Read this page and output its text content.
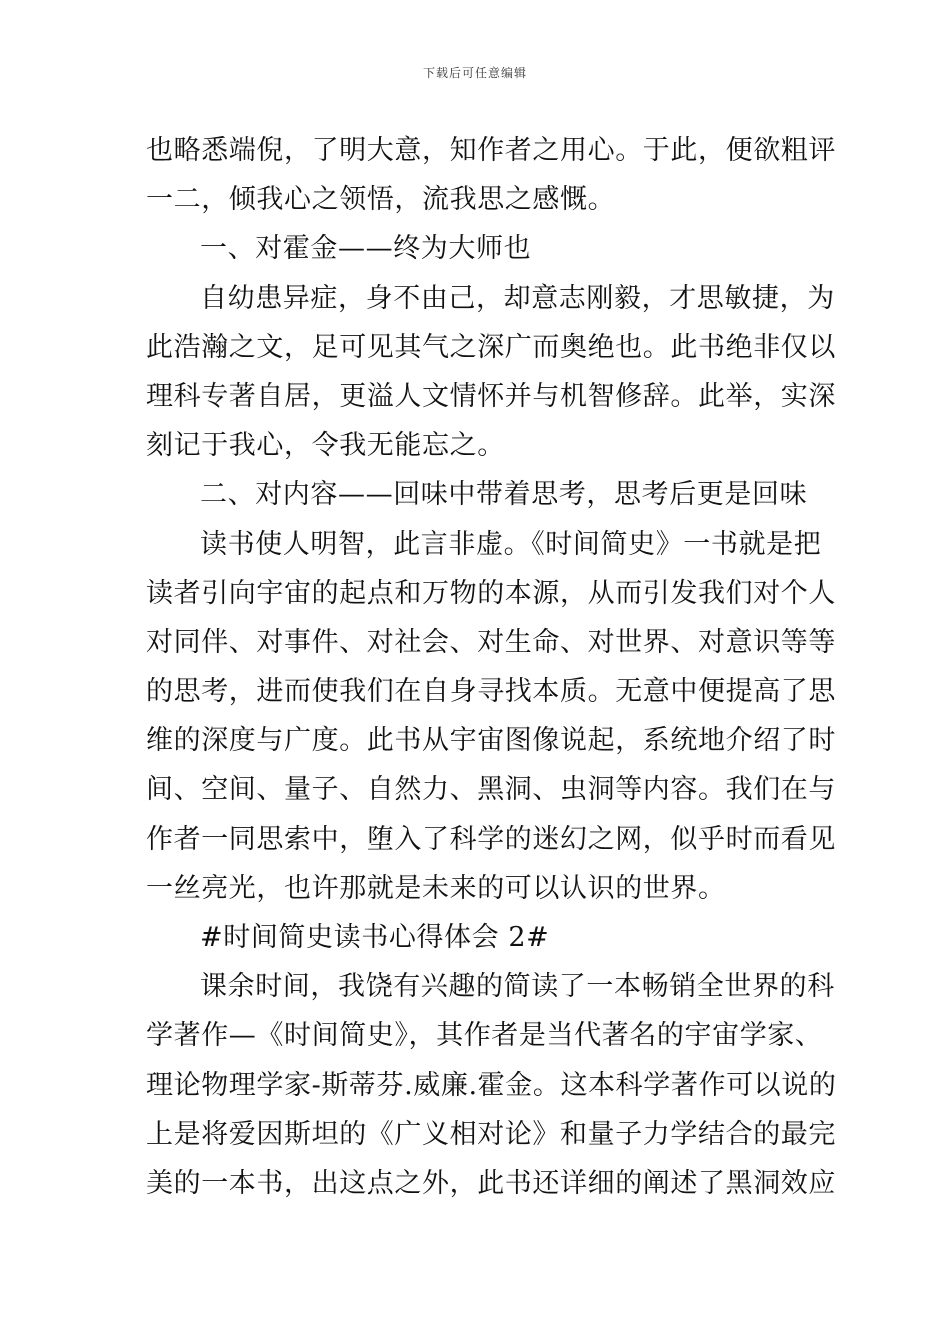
下载后可任意编辑
也略悉端倪，了明大意，知作者之用心。于此，便欲粗评
一二，倾我心之领悟，流我思之感慨。
一、对霍金——终为大师也
自幼患异症，身不由己，却意志刚毅，才思敏捷，为
此浩瀚之文，足可见其气之深广而奥绝也。此书绝非仅以
理科专著自居，更溢人文情怀并与机智修辞。此举，实深
刻记于我心，令我无能忘之。
二、对内容——回味中带着思考，思考后更是回味
读书使人明智，此言非虚。《时间简史》一书就是把
读者引向宇宙的起点和万物的本源，从而引发我们对个人
对同伴、对事件、对社会、对生命、对世界、对意识等等
的思考，进而使我们在自身寻找本质。无意中便提高了思
维的深度与广度。此书从宇宙图像说起，系统地介绍了时
间、空间、量子、自然力、黑洞、虫洞等内容。我们在与
作者一同思索中，堕入了科学的迷幻之网，似乎时而看见
一丝亮光，也许那就是未来的可以认识的世界。
#时间简史读书心得体会 2#
课余时间，我饶有兴趣的简读了一本畅销全世界的科
学著作—《时间简史》，其作者是当代著名的宇宙学家、
理论物理学家-斯蒂芬.威廉.霍金。这本科学著作可以说的
上是将爱因斯坦的《广义相对论》和量子力学结合的最完
美的一本书，出这点之外，此书还详细的阐述了黑洞效应
